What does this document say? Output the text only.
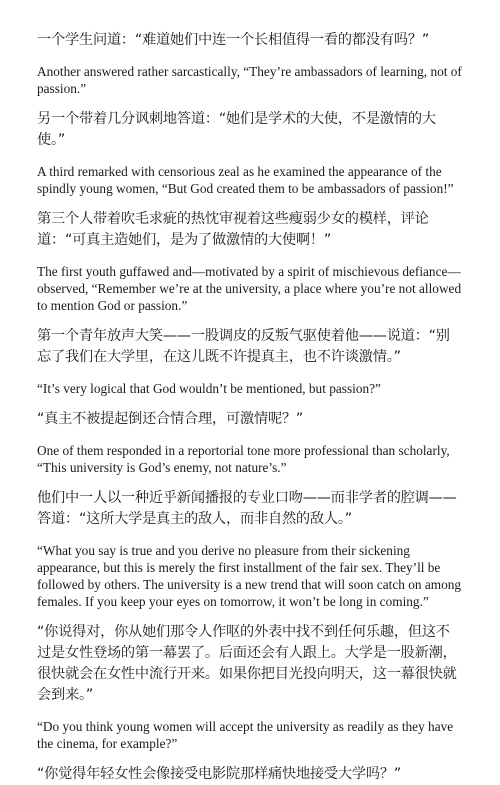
一个学生问道：“难道她们中连一个长相值得一看的都没有吗？”

Another answered rather sarcastically, “They’re ambassadors of learning, not of passion.”

另一个带着几分讽刺地答道：“她们是学术的大使，不是激情的大使。”

A third remarked with censorious zeal as he examined the appearance of the spindly young women, “But God created them to be ambassadors of passion!”

第三个人带着吹毛求疵的热忱审视着这些瘦弱少女的模样，评论道：“可真主造她们，是为了做激情的大使啊！”

The first youth guffawed and—motivated by a spirit of mischievous defiance—observed, “Remember we’re at the university, a place where you’re not allowed to mention God or passion.”

第一个青年放声大笑——一股调皮的反叛气驱使着他——说道：“别忘了我们在大学里，在这儿既不许提真主，也不许谈激情。”

“It’s very logical that God wouldn’t be mentioned, but passion?”

“真主不被提起倒还合情合理，可激情呢？”

One of them responded in a reportorial tone more professional than scholarly, “This university is God’s enemy, not nature’s.”

他们中一人以一种近乎新闻播报的专业口吻——而非学者的腔调——答道：“这所大学是真主的敌人，而非自然的敌人。”

“What you say is true and you derive no pleasure from their sickening appearance, but this is merely the first installment of the fair sex. They’ll be followed by others. The university is a new trend that will soon catch on among females. If you keep your eyes on tomorrow, it won’t be long in coming.”

“你说得对，你从她们那令人作呕的外表中找不到任何乐趣，但这不过是女性登场的第一幕罢了。后面还会有人跟上。大学是一股新潮，很快就会在女性中流行开来。如果你把目光投向明天，这一幕很快就会到来。”

“Do you think young women will accept the university as readily as they have the cinema, for example?”

“你觉得年轻女性会像接受电影院那样痛快地接受大学吗？”
